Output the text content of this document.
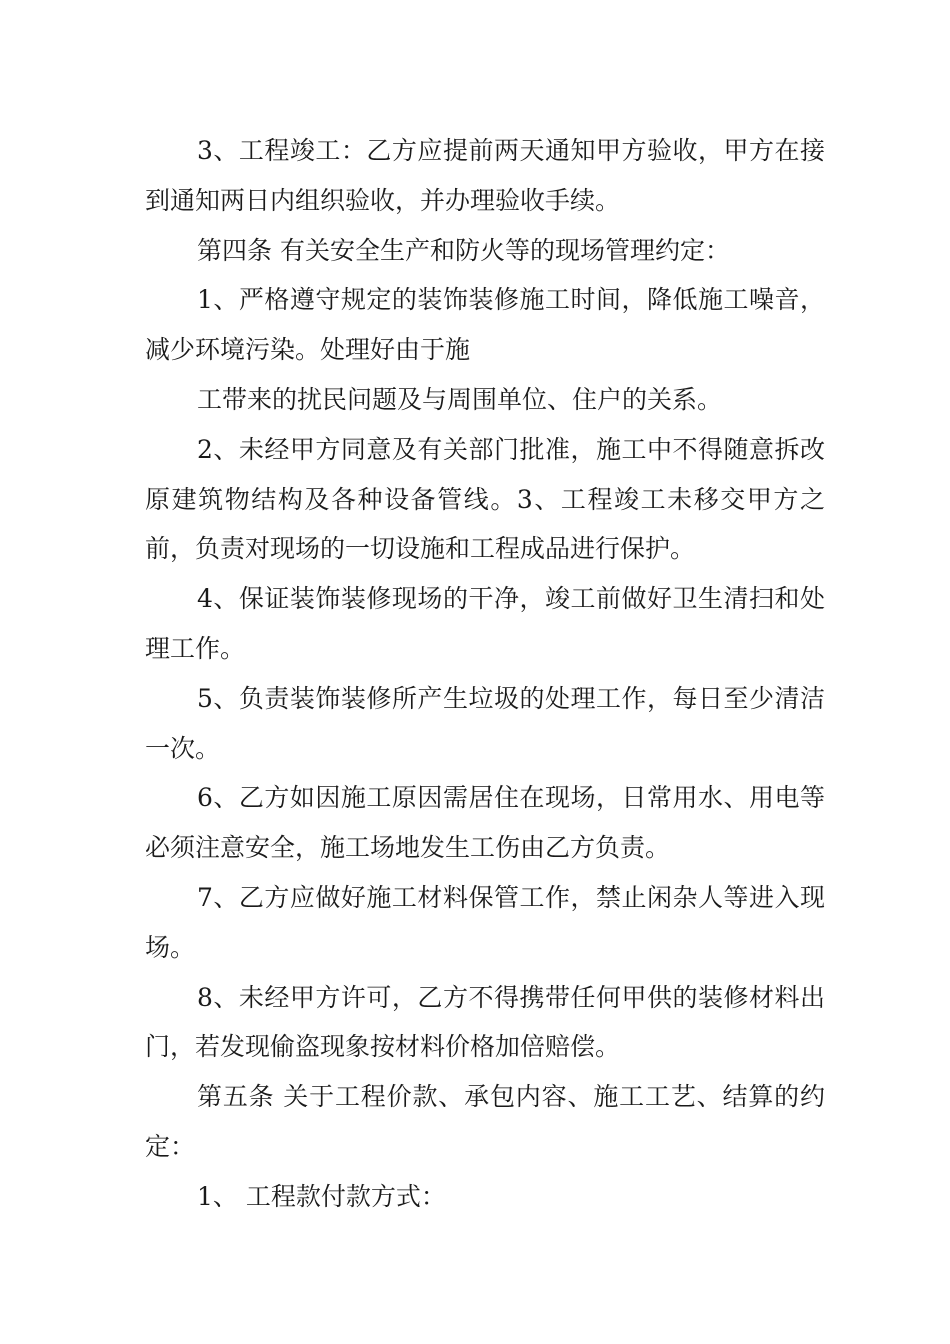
3、工程竣工：乙方应提前两天通知甲方验收，甲方在接到通知两日内组织验收，并办理验收手续。

第四条 有关安全生产和防火等的现场管理约定：

1、严格遵守规定的装饰装修施工时间，降低施工噪音，减少环境污染。处理好由于施

工带来的扰民问题及与周围单位、住户的关系。

2、未经甲方同意及有关部门批准，施工中不得随意拆改原建筑物结构及各种设备管线。3、工程竣工未移交甲方之前，负责对现场的一切设施和工程成品进行保护。

4、保证装饰装修现场的干净，竣工前做好卫生清扫和处理工作。

5、负责装饰装修所产生垃圾的处理工作，每日至少清洁一次。

6、乙方如因施工原因需居住在现场，日常用水、用电等必须注意安全，施工场地发生工伤由乙方负责。

7、乙方应做好施工材料保管工作，禁止闲杂人等进入现场。

8、未经甲方许可，乙方不得携带任何甲供的装修材料出门，若发现偷盗现象按材料价格加倍赔偿。

第五条 关于工程价款、承包内容、施工工艺、结算的约定：

1、 工程款付款方式：
